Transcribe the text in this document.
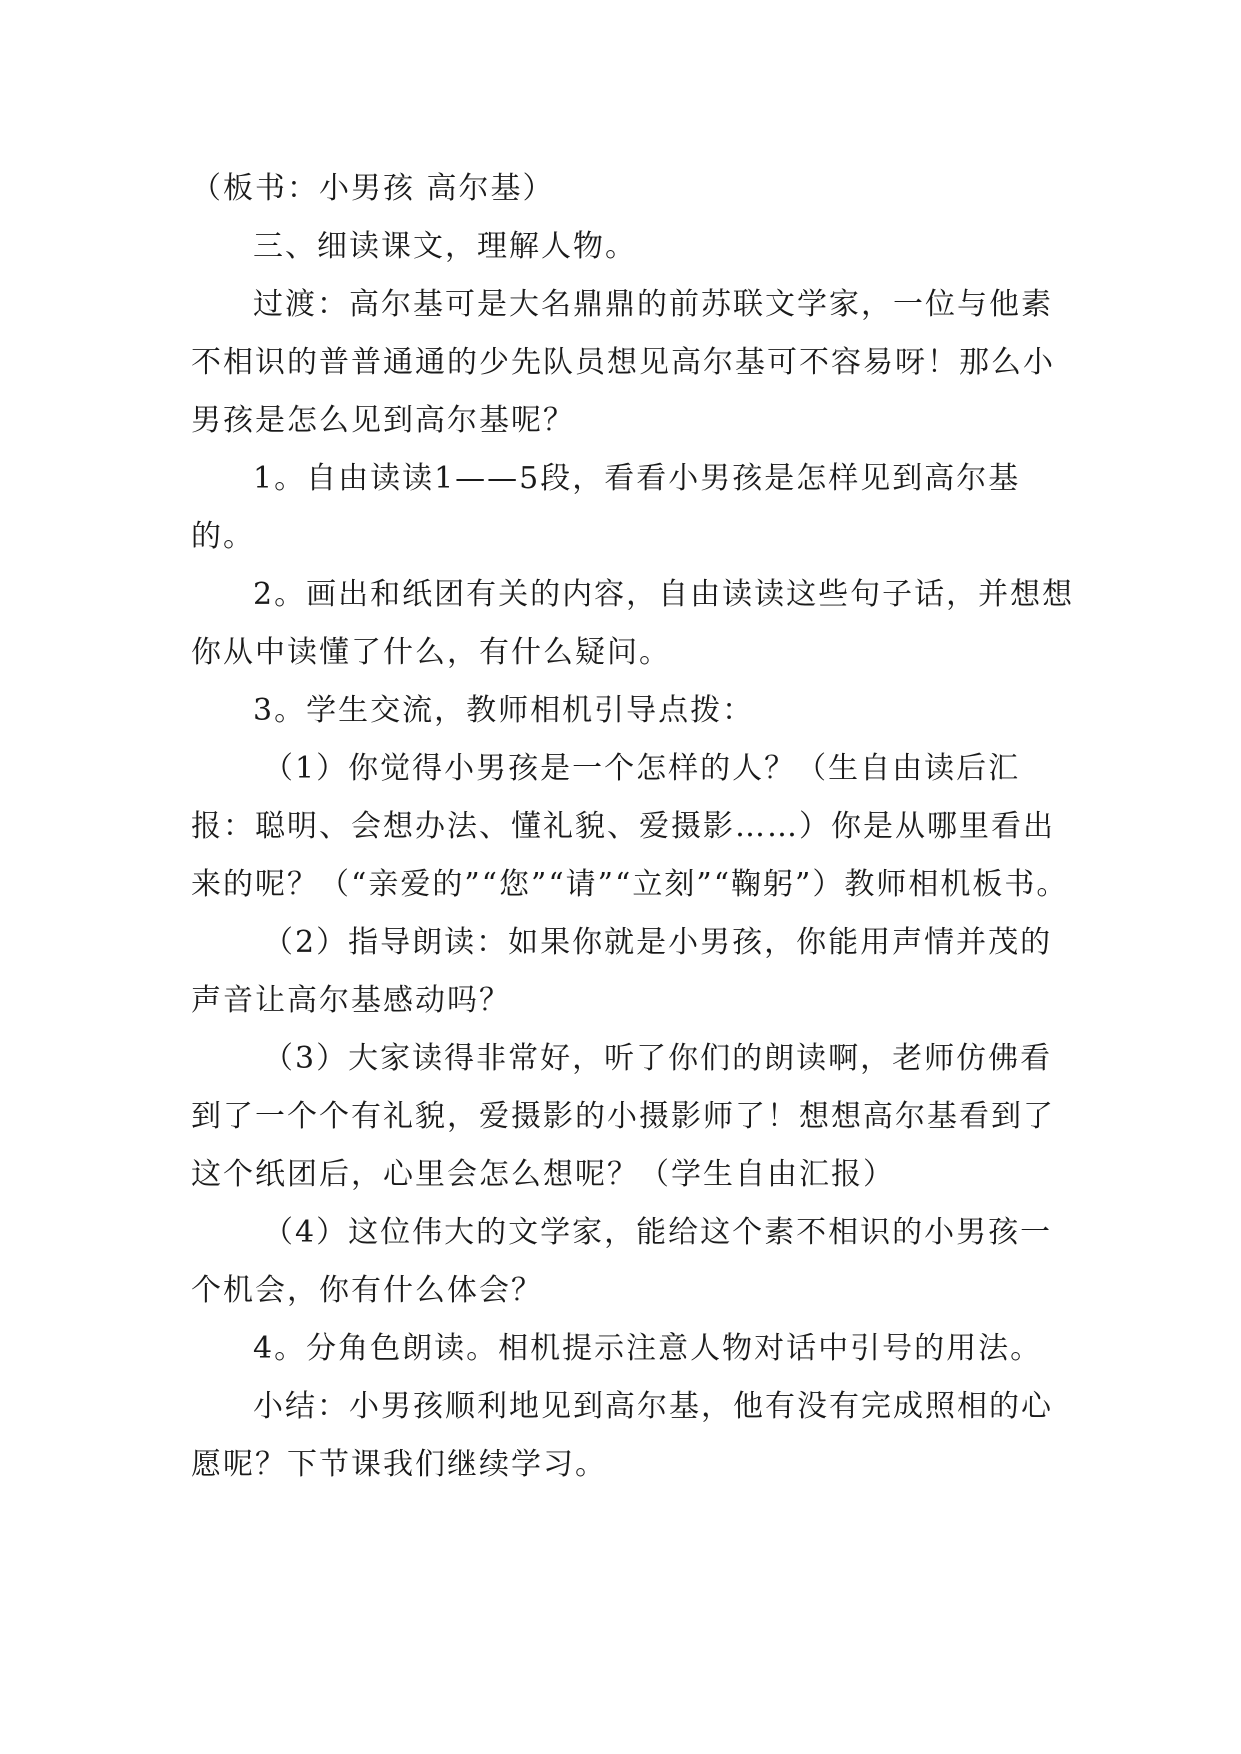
（板书：小男孩 高尔基）

三、细读课文，理解人物。

过渡：高尔基可是大名鼎鼎的前苏联文学家，一位与他素不相识的普普通通的少先队员想见高尔基可不容易呀！那么小男孩是怎么见到高尔基呢？

1。自由读读1——5段，看看小男孩是怎样见到高尔基的。

2。画出和纸团有关的内容，自由读读这些句子话，并想想你从中读懂了什么，有什么疑问。

3。学生交流，教师相机引导点拨：

（1）你觉得小男孩是一个怎样的人？（生自由读后汇报：聪明、会想办法、懂礼貌、爱摄影……）你是从哪里看出来的呢？（“亲爱的”“您”“请”“立刻”“鞠躬”）教师相机板书。

（2）指导朗读：如果你就是小男孩，你能用声情并茂的声音让高尔基感动吗？

（3）大家读得非常好，听了你们的朗读啊，老师仿佛看到了一个个有礼貌，爱摄影的小摄影师了！想想高尔基看到了这个纸团后，心里会怎么想呢？（学生自由汇报）

（4）这位伟大的文学家，能给这个素不相识的小男孩一个机会，你有什么体会？

4。分角色朗读。相机提示注意人物对话中引号的用法。

小结：小男孩顺利地见到高尔基，他有没有完成照相的心愿呢？下节课我们继续学习。
